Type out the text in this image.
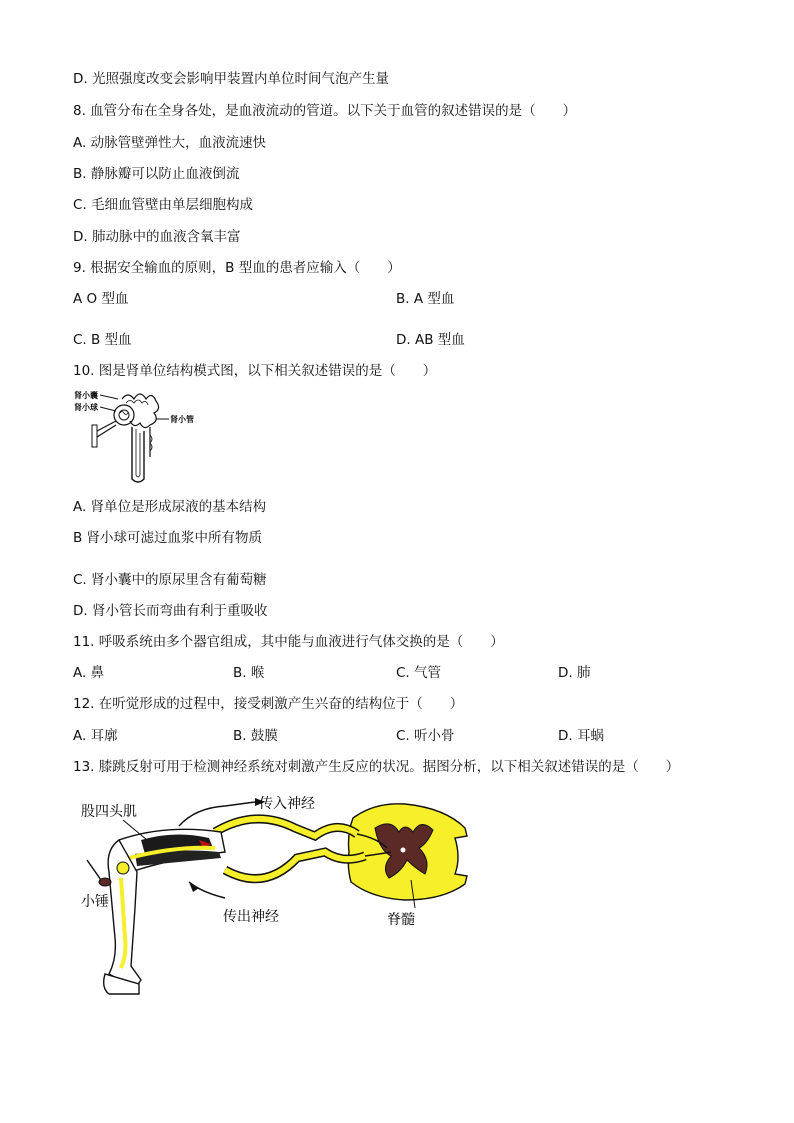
D. 光照强度改变会影响甲装置内单位时间气泡产生量
8. 血管分布在全身各处，是血液流动的管道。以下关于血管的叙述错误的是（　　）
A. 动脉管壁弹性大，血液流速快
B. 静脉瓣可以防止血液倒流
C. 毛细血管壁由单层细胞构成
D. 肺动脉中的血液含氧丰富
9. 根据安全输血的原则，B 型血的患者应输入（　　）
A O 型血	B. A 型血
C. B 型血	D. AB 型血
10. 图是肾单位结构模式图，以下相关叙述错误的是（　　）
肾小囊
肾小球
肾小管
A. 肾单位是形成尿液的基本结构
B 肾小球可滤过血浆中所有物质
C. 肾小囊中的原尿里含有葡萄糖
D. 肾小管长而弯曲有利于重吸收
11. 呼吸系统由多个器官组成，其中能与血液进行气体交换的是（　　）
A. 鼻	B. 喉	C. 气管	D. 肺
12. 在听觉形成的过程中，接受刺激产生兴奋的结构位于（　　）
A. 耳廓	B. 鼓膜	C. 听小骨	D. 耳蜗
13. 膝跳反射可用于检测神经系统对刺激产生反应的状况。据图分析，以下相关叙述错误的是（　　）
股四头肌	传入神经
小锤
传出神经	脊髓
